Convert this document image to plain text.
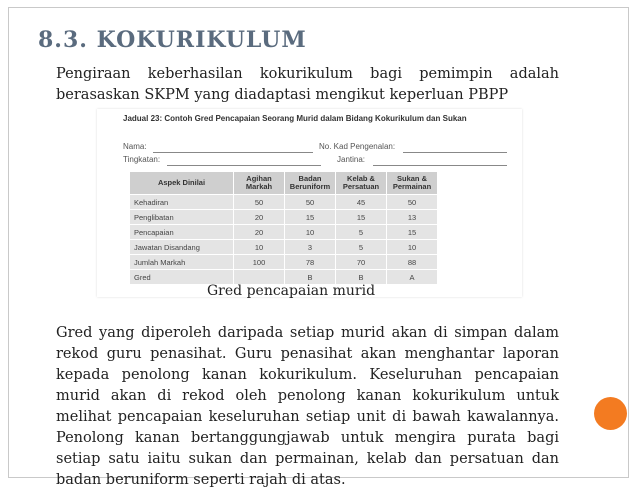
8.3. KOKURIKULUM

Pengiraan keberhasilan kokurikulum bagi pemimpin adalah berasaskan SKPM yang diadaptasi mengikut keperluan PBPP

Jadual 23: Contoh Gred Pencapaian Seorang Murid dalam Bidang Kokurikulum dan Sukan
Nama:	No. Kad Pengenalan:
Tingkatan:	Jantina:
Aspek Dinilai	Agihan Markah	Badan Beruniform	Kelab & Persatuan	Sukan & Permainan
Kehadiran	50	50	45	50
Penglibatan	20	15	15	13
Pencapaian	20	10	5	15
Jawatan Disandang	10	3	5	10
Jumlah Markah	100	78	70	88
Gred		B	B	A

Gred pencapaian murid

Gred yang diperoleh daripada setiap murid akan di simpan dalam rekod guru penasihat. Guru penasihat akan menghantar laporan kepada penolong kanan kokurikulum. Keseluruhan pencapaian murid akan di rekod oleh penolong kanan kokurikulum untuk melihat pencapaian keseluruhan setiap unit di bawah kawalannya. Penolong kanan bertanggungjawab untuk mengira purata bagi setiap satu iaitu sukan dan permainan, kelab dan persatuan dan badan beruniform seperti rajah di atas.
